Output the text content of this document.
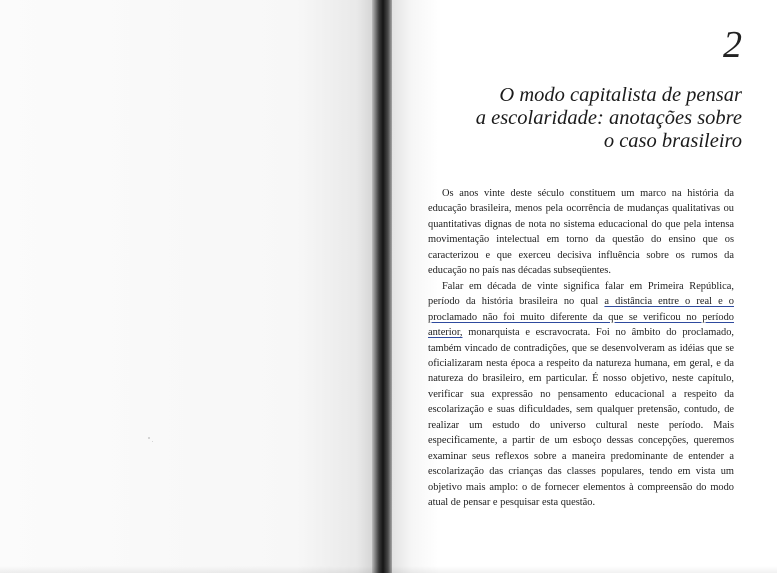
2
O modo capitalista de pensar
a escolaridade: anotações sobre
o caso brasileiro

Os anos vinte deste século constituem um marco na história da educação brasileira, menos pela ocorrência de mudanças qualitativas ou quantitativas dignas de nota no sistema educacional do que pela intensa movimentação intelectual em torno da questão do ensino que os caracterizou e que exerceu decisiva influência sobre os rumos da educação no país nas décadas subseqüentes.

Falar em década de vinte significa falar em Primeira República, período da história brasileira no qual a distância entre o real e o proclamado não foi muito diferente da que se verificou no período anterior, monarquista e escravocrata. Foi no âmbito do proclamado, também vincado de contradições, que se desenvolveram as idéias que se oficializaram nesta época a respeito da natureza humana, em geral, e da natureza do brasileiro, em particular. É nosso objetivo, neste capítulo, verificar sua expressão no pensamento educacional a respeito da escolarização e suas dificuldades, sem qualquer pretensão, contudo, de realizar um estudo do universo cultural neste período. Mais especificamente, a partir de um esboço dessas concepções, queremos examinar seus reflexos sobre a maneira predominante de entender a escolarização das crianças das classes populares, tendo em vista um objetivo mais amplo: o de fornecer elementos à compreensão do modo atual de pensar e pesquisar esta questão.
